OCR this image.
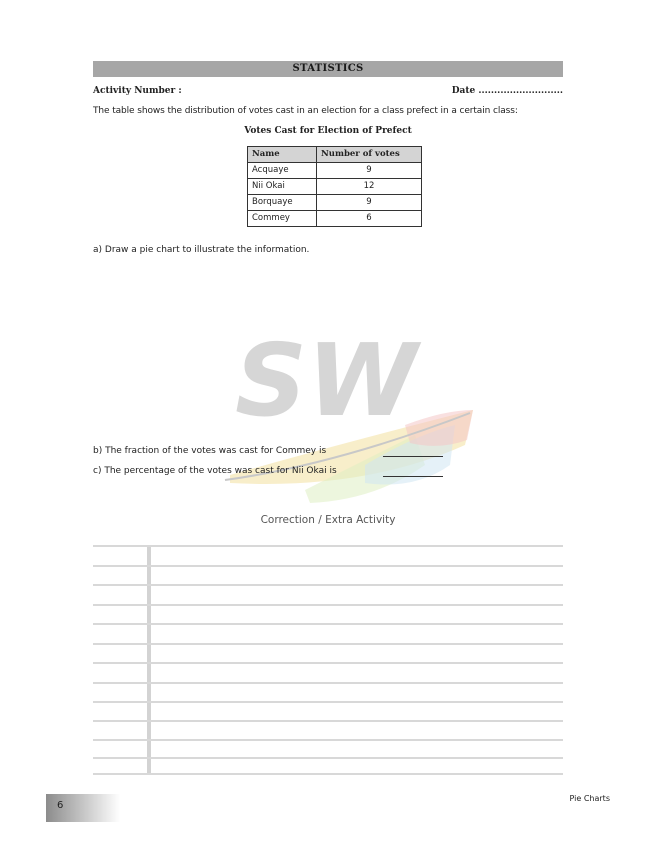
STATISTICS
Activity Number :	Date ...........................
The table shows the distribution of votes cast in an election for a class prefect in a certain class:
Votes Cast for Election of Prefect
Name	Number of votes
Acquaye	9
Nii Okai	12
Borquaye	9
Commey	6
a) Draw a pie chart to illustrate the information.
SW
b) The fraction of the votes was cast for Commey is
c) The percentage of the votes was cast for Nii Okai is
Correction / Extra Activity
6
Pie Charts
